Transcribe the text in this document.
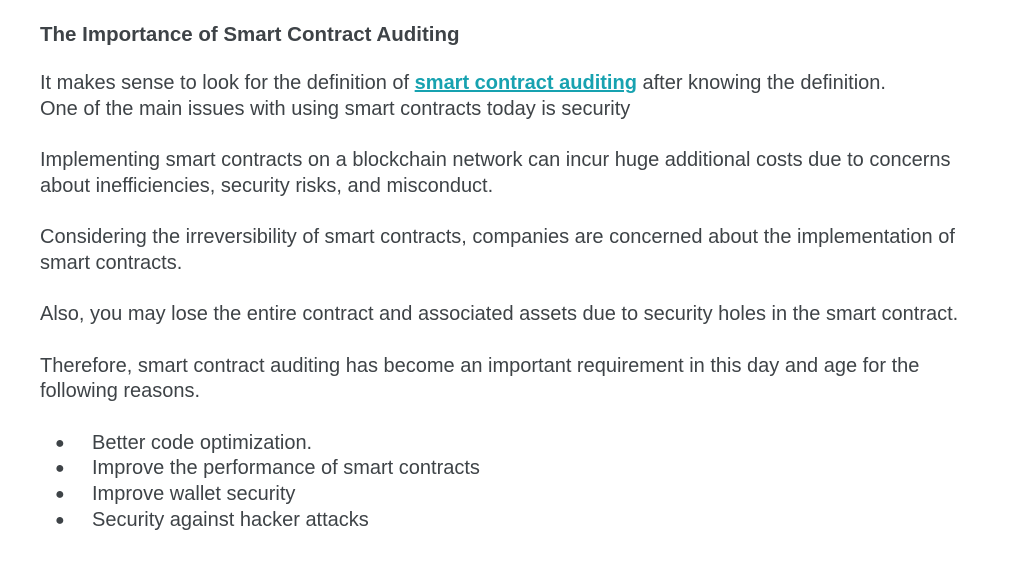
The Importance of Smart Contract Auditing

It makes sense to look for the definition of smart contract auditing after knowing the definition.
One of the main issues with using smart contracts today is security

Implementing smart contracts on a blockchain network can incur huge additional costs due to concerns about inefficiencies, security risks, and misconduct.

Considering the irreversibility of smart contracts, companies are concerned about the implementation of smart contracts.

Also, you may lose the entire contract and associated assets due to security holes in the smart contract.

Therefore, smart contract auditing has become an important requirement in this day and age for the following reasons.

● Better code optimization.
● Improve the performance of smart contracts
● Improve wallet security
● Security against hacker attacks
